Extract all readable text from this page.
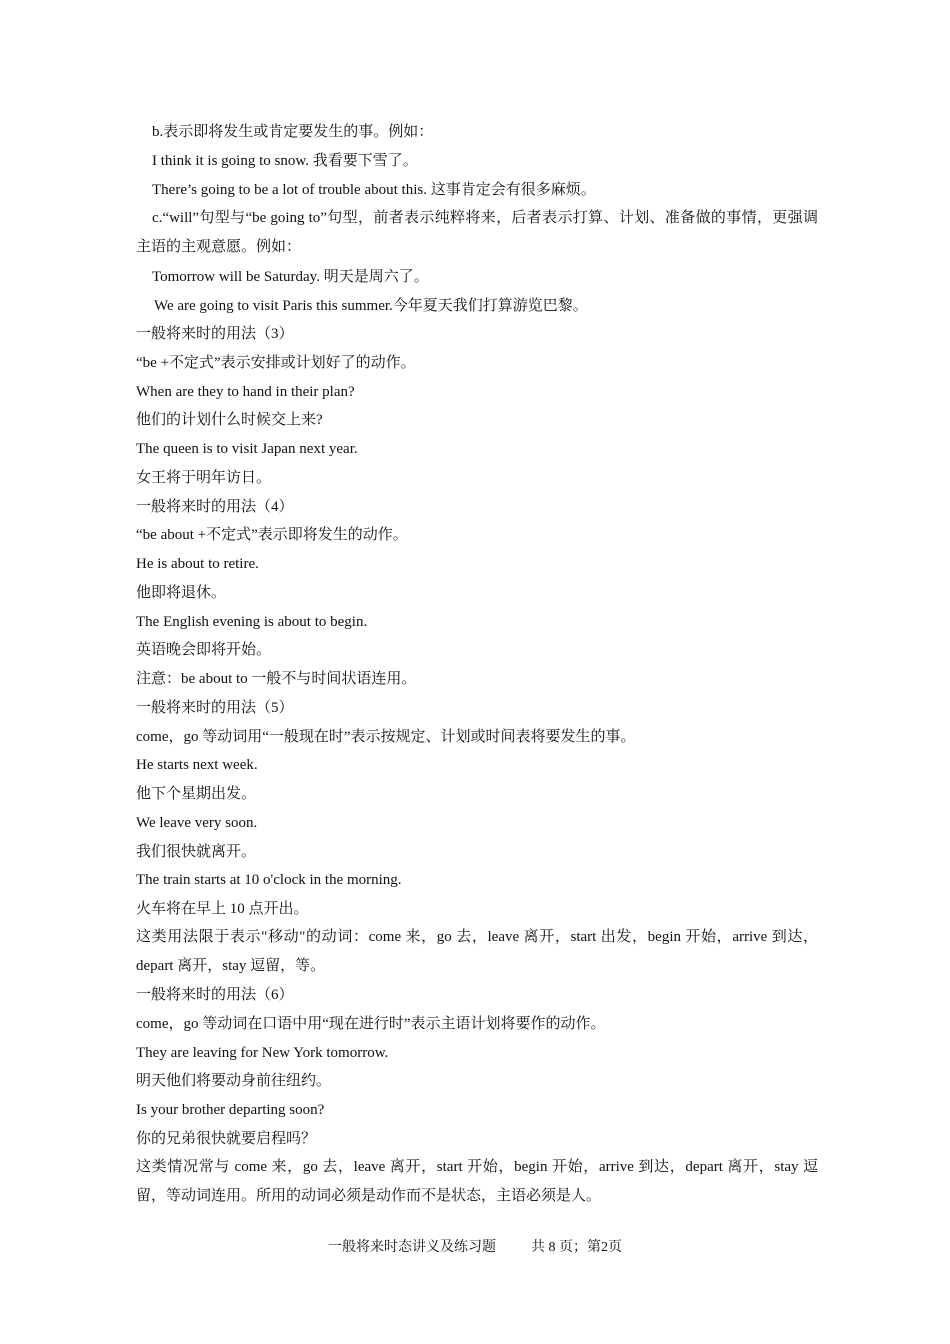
b.表示即将发生或肯定要发生的事。例如：
I think it is going to snow. 我看要下雪了。
There’s going to be a lot of trouble about this. 这事肯定会有很多麻烦。
c.“will”句型与“be going to”句型，前者表示纯粹将来，后者表示打算、计划、准备做的事情，更强调主语的主观意愿。例如：
Tomorrow will be Saturday. 明天是周六了。
We are going to visit Paris this summer.今年夏天我们打算游览巴黎。
一般将来时的用法（3）
“be +不定式”表示安排或计划好了的动作。
When are they to hand in their plan?
他们的计划什么时候交上来?
The queen is to visit Japan next year.
女王将于明年访日。
一般将来时的用法（4）
“be about +不定式”表示即将发生的动作。
He is about to retire.
他即将退休。
The English evening is about to begin.
英语晚会即将开始。
注意：be about to 一般不与时间状语连用。
一般将来时的用法（5）
come，go 等动词用“一般现在时”表示按规定、计划或时间表将要发生的事。
He starts next week.
他下个星期出发。
We leave very soon.
我们很快就离开。
The train starts at 10 o'clock in the morning.
火车将在早上 10 点开出。
这类用法限于表示"移动"的动词：come 来，go 去，leave 离开，start 出发，begin 开始，arrive 到达，depart 离开，stay 逗留，等。
一般将来时的用法（6）
come，go 等动词在口语中用“现在进行时”表示主语计划将要作的动作。
They are leaving for New York tomorrow.
明天他们将要动身前往纽约。
Is your brother departing soon?
你的兄弟很快就要启程吗？
这类情况常与 come 来，go 去，leave 离开，start 开始，begin 开始，arrive 到达，depart 离开，stay 逗留，等动词连用。所用的动词必须是动作而不是状态，主语必须是人。
一般将来时态讲义及练习题	共 8 页；第2页
